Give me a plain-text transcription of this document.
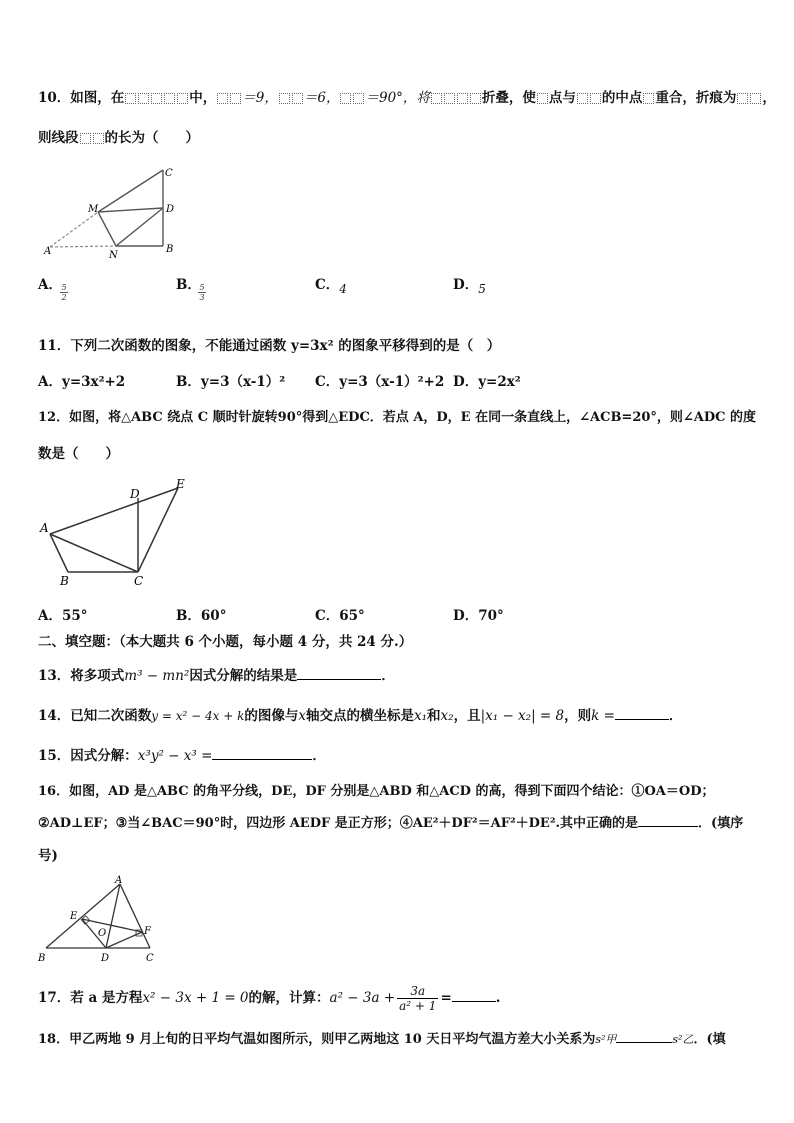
10．如图，在	中， ＝9， ＝6， ＝90°，将	折叠，使 点与 的中点 重合，折痕为 ，
则线段 的长为（　　）
A
M
N
B
D
C
A． 5
2
B．
5
3
C．4	D．5
11．下列二次函数的图象，不能通过函数 y=3x² 的图象平移得到的是（　）
A．y=3x²+2	B．y=3（x-1）² C．y=3（x-1）²+2 D．y=2x²
12．如图，将△ABC 绕点 C 顺时针旋转90°得到△EDC．若点 A，D，E 在同一条直线上，∠ACB=20°，则∠ADC 的度
数是（　　）
A
B	C
D
E
A．55°	B．60°	C．65°	D．70°
二、填空题：（本大题共 6 个小题，每小题 4 分，共 24 分.）
13．将多项式m³ − mn²因式分解的结果是	．
14．已知二次函数y = x² − 4x + k的图像与x轴交点的横坐标是x₁和x₂，且|x₁ − x₂| = 8，则k =	．
15．因式分解：x³y² − x³ =	．
16．如图，AD 是△ABC 的角平分线，DE，DF 分别是△ABD 和△ACD 的高，得到下面四个结论：①OA＝OD；
②AD⊥EF；③当∠BAC＝90°时，四边形 AEDF 是正方形；④AE²＋DF²＝AF²＋DE².其中正确的是	．(填序
号)
A
B	C
D
E
F
O
17．若 a 是方程x² − 3x + 1 = 0的解，计算：$a^2 - 3a + \frac{3a}{\text{a² + 1}}$ =	.
18．甲乙两地 9 月上旬的日平均气温如图所示，则甲乙两地这 10 天日平均气温方差大小关系为s²甲	s²乙．(填
